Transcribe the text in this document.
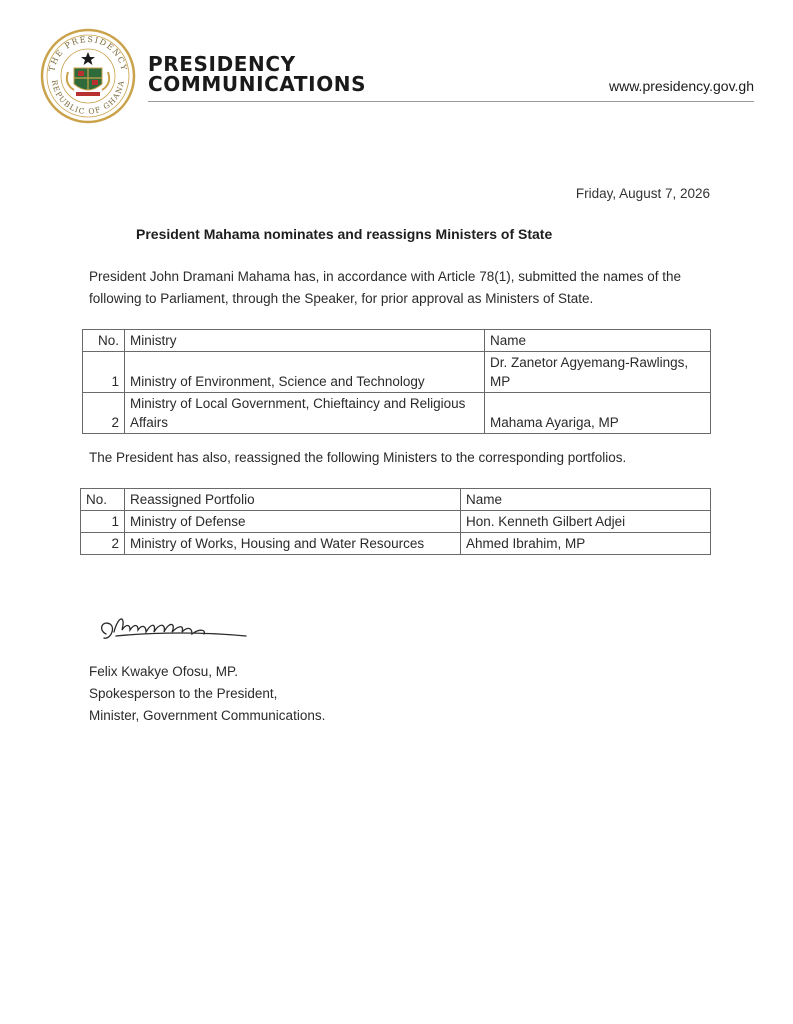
THE PRESIDENCY
REPUBLIC OF GHANA
PRESIDENCY
COMMUNICATIONS	www.presidency.gov.gh
Friday, August 7, 2026
President Mahama nominates and reassigns Ministers of State
President John Dramani Mahama has, in accordance with Article 78(1), submitted the names of the following to Parliament, through the Speaker, for prior approval as Ministers of State.
No.	Ministry	Name
1	Ministry of Environment, Science and Technology	Dr. Zanetor Agyemang-Rawlings, MP
2	Ministry of Local Government, Chieftaincy and Religious Affairs	Mahama Ayariga, MP
The President has also, reassigned the following Ministers to the corresponding portfolios.
No.	Reassigned Portfolio	Name
1	Ministry of Defense	Hon. Kenneth Gilbert Adjei
2	Ministry of Works, Housing and Water Resources	Ahmed Ibrahim, MP
Felix Kwakye Ofosu, MP.
Spokesperson to the President,
Minister, Government Communications.
